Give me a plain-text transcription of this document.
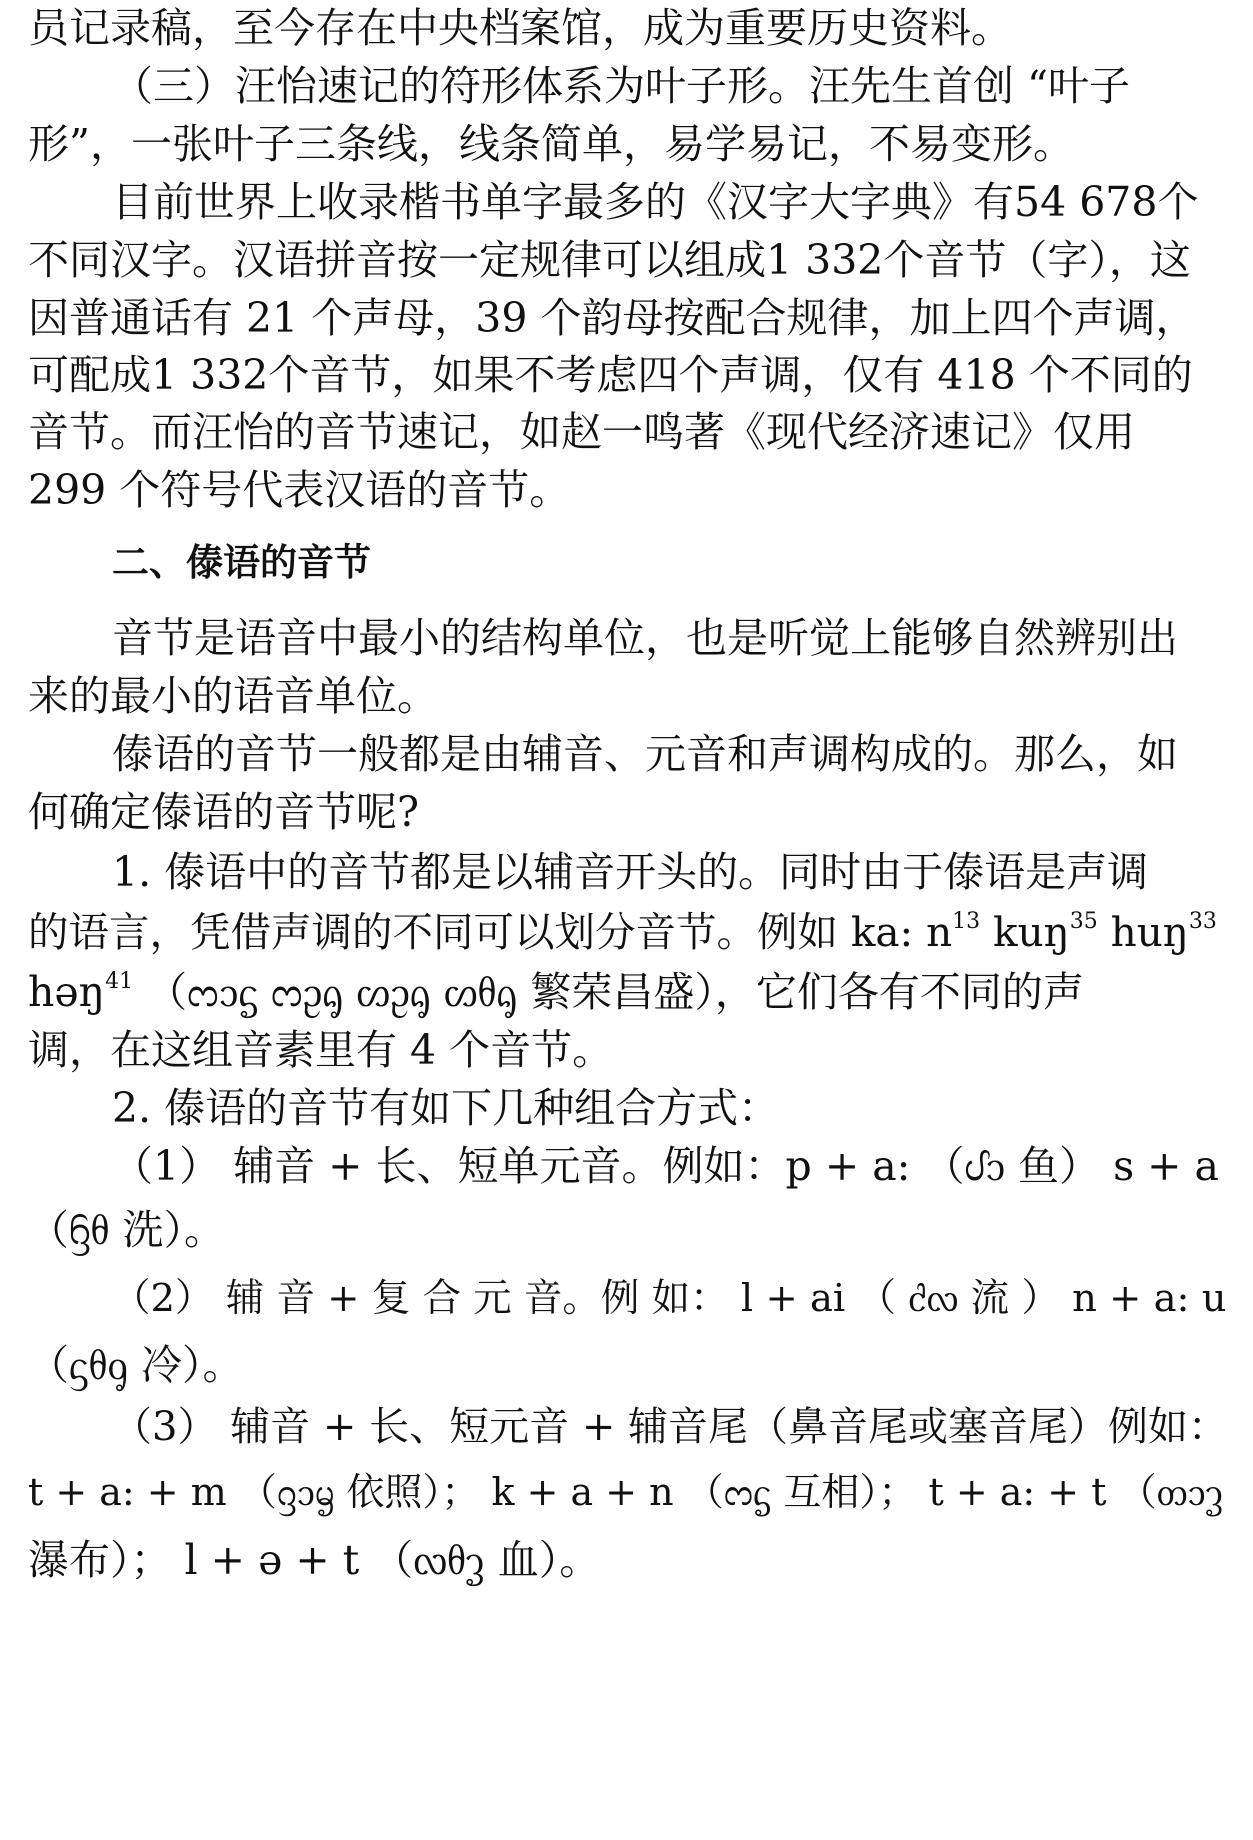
员记录稿，至今存在中央档案馆，成为重要历史资料。
（三）汪怡速记的符形体系为叶子形。汪先生首创 “叶子
形”，一张叶子三条线，线条简单，易学易记，不易变形。
目前世界上收录楷书单字最多的《汉字大字典》有54 678个
不同汉字。汉语拼音按一定规律可以组成1 332个音节（字），这
因普通话有 21 个声母，39 个韵母按配合规律，加上四个声调，
可配成1 332个音节，如果不考虑四个声调，仅有 418 个不同的
音节。而汪怡的音节速记，如赵一鸣著《现代经济速记》仅用
299 个符号代表汉语的音节。
二、傣语的音节
音节是语音中最小的结构单位，也是听觉上能够自然辨别出
来的最小的语音单位。
傣语的音节一般都是由辅音、元音和声调构成的。那么，如
何确定傣语的音节呢?
1. 傣语中的音节都是以辅音开头的。同时由于傣语是声调
的语言，凭借声调的不同可以划分音节。例如 ka: $n^{13}$ kuŋ$^{35}$ huŋ$^{33}$
həŋ$^{41}$ （ᦂᦱᧃ ᦂᦳᧂ ᦠᦳᧂ ᦠᦲᧂ 繁荣昌盛），它们各有不同的声
调，在这组音素里有 4 个音节。
2. 傣语的音节有如下几种组合方式：
（1） 辅音 + 长、短单元音。例如：p + a: （ᦔᦱ 鱼） s + a
（ᦌᦲ 洗）。
（2） 辅 音 + 复 合 元 音。例 如： l + ai （ ᦺᦟ 流 ） n + a: u
（ᦓᦲᧁ 冷）。
（3） 辅音 + 长、短元音 + 辅音尾（鼻音尾或塞音尾）例如：
t + a: + m （ᦋᦱᧄ 依照）； k + a + n （ᦂᧃ 互相）； t + a: + t （ᦎᦱᧆ
瀑布）； l + ə + t （ᦟᦲᧆ 血）。
